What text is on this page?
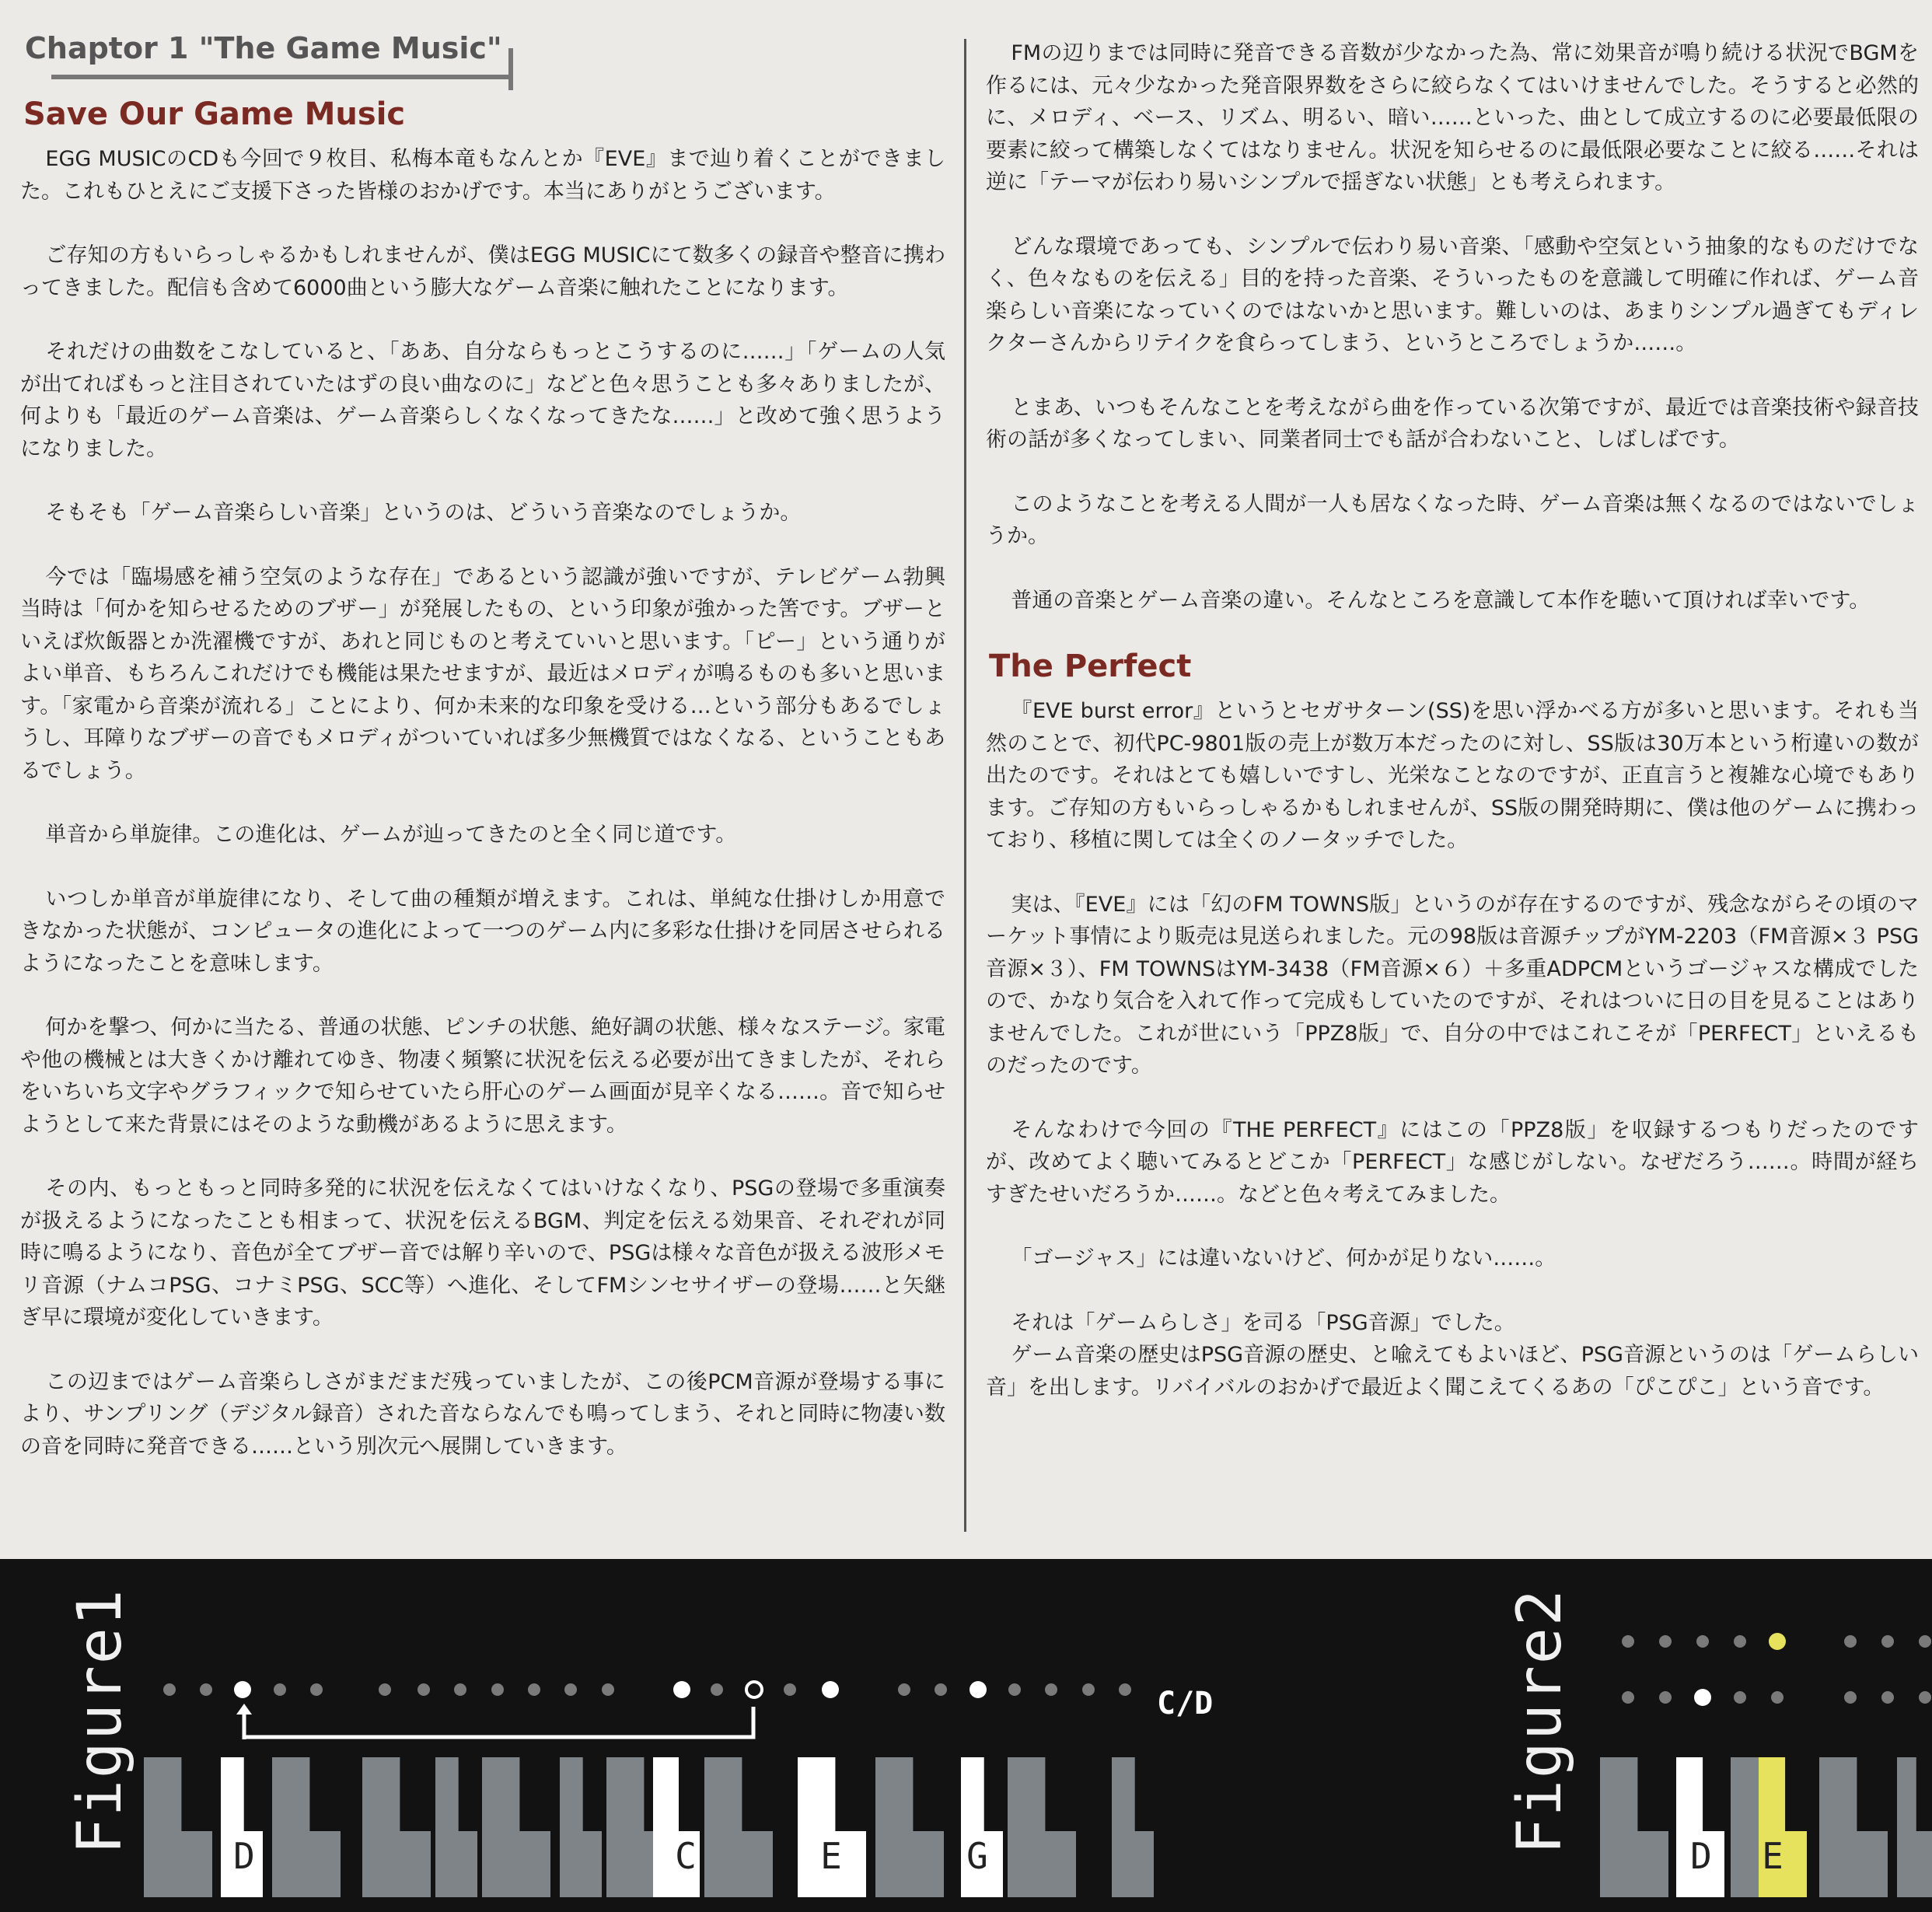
Chaptor 1 "The Game Music"
Save Our Game Music

EGG MUSICのCDも今回で９枚目、私梅本竜もなんとか『EVE』まで辿り着くことができました。これもひとえにご支援下さった皆様のおかげです。本当にありがとうございます。

ご存知の方もいらっしゃるかもしれませんが、僕はEGG MUSICにて数多くの録音や整音に携わってきました。配信も含めて6000曲という膨大なゲーム音楽に触れたことになります。

それだけの曲数をこなしていると、「ああ、自分ならもっとこうするのに……」「ゲームの人気が出てればもっと注目されていたはずの良い曲なのに」などと色々思うことも多々ありましたが、何よりも「最近のゲーム音楽は、ゲーム音楽らしくなくなってきたな……」と改めて強く思うようになりました。

そもそも「ゲーム音楽らしい音楽」というのは、どういう音楽なのでしょうか。

今では「臨場感を補う空気のような存在」であるという認識が強いですが、テレビゲーム勃興当時は「何かを知らせるためのブザー」が発展したもの、という印象が強かった筈です。ブザーといえば炊飯器とか洗濯機ですが、あれと同じものと考えていいと思います。「ピー」という通りがよい単音、もちろんこれだけでも機能は果たせますが、最近はメロディが鳴るものも多いと思います。「家電から音楽が流れる」ことにより、何か未来的な印象を受ける…という部分もあるでしょうし、耳障りなブザーの音でもメロディがついていれば多少無機質ではなくなる、ということもあるでしょう。

単音から単旋律。この進化は、ゲームが辿ってきたのと全く同じ道です。

いつしか単音が単旋律になり、そして曲の種類が増えます。これは、単純な仕掛けしか用意できなかった状態が、コンピュータの進化によって一つのゲーム内に多彩な仕掛けを同居させられるようになったことを意味します。

何かを撃つ、何かに当たる、普通の状態、ピンチの状態、絶好調の状態、様々なステージ。家電や他の機械とは大きくかけ離れてゆき、物凄く頻繁に状況を伝える必要が出てきましたが、それらをいちいち文字やグラフィックで知らせていたら肝心のゲーム画面が見辛くなる……。音で知らせようとして来た背景にはそのような動機があるように思えます。

その内、もっともっと同時多発的に状況を伝えなくてはいけなくなり、PSGの登場で多重演奏が扱えるようになったことも相まって、状況を伝えるBGM、判定を伝える効果音、それぞれが同時に鳴るようになり、音色が全てブザー音では解り辛いので、PSGは様々な音色が扱える波形メモリ音源（ナムコPSG、コナミPSG、SCC等）へ進化、そしてFMシンセサイザーの登場……と矢継ぎ早に環境が変化していきます。

この辺まではゲーム音楽らしさがまだまだ残っていましたが、この後PCM音源が登場する事により、サンプリング（デジタル録音）された音ならなんでも鳴ってしまう、それと同時に物凄い数の音を同時に発音できる……という別次元へ展開していきます。

FMの辺りまでは同時に発音できる音数が少なかった為、常に効果音が鳴り続ける状況でBGMを作るには、元々少なかった発音限界数をさらに絞らなくてはいけませんでした。そうすると必然的に、メロディ、ベース、リズム、明るい、暗い……といった、曲として成立するのに必要最低限の要素に絞って構築しなくてはなりません。状況を知らせるのに最低限必要なことに絞る……それは逆に「テーマが伝わり易いシンプルで揺ぎない状態」とも考えられます。

どんな環境であっても、シンプルで伝わり易い音楽、「感動や空気という抽象的なものだけでなく、色々なものを伝える」目的を持った音楽、そういったものを意識して明確に作れば、ゲーム音楽らしい音楽になっていくのではないかと思います。難しいのは、あまりシンプル過ぎてもディレクターさんからリテイクを食らってしまう、というところでしょうか……。

とまあ、いつもそんなことを考えながら曲を作っている次第ですが、最近では音楽技術や録音技術の話が多くなってしまい、同業者同士でも話が合わないこと、しばしばです。

このようなことを考える人間が一人も居なくなった時、ゲーム音楽は無くなるのではないでしょうか。

普通の音楽とゲーム音楽の違い。そんなところを意識して本作を聴いて頂ければ幸いです。

The Perfect

『EVE burst error』というとセガサターン(SS)を思い浮かべる方が多いと思います。それも当然のことで、初代PC-9801版の売上が数万本だったのに対し、SS版は30万本という桁違いの数が出たのです。それはとても嬉しいですし、光栄なことなのですが、正直言うと複雑な心境でもあります。ご存知の方もいらっしゃるかもしれませんが、SS版の開発時期に、僕は他のゲームに携わっており、移植に関しては全くのノータッチでした。

実は、『EVE』には「幻のFM TOWNS版」というのが存在するのですが、残念ながらその頃のマーケット事情により販売は見送られました。元の98版は音源チップがYM-2203（FM音源×３ PSG音源×３）、FM TOWNSはYM-3438（FM音源×６）＋多重ADPCMというゴージャスな構成でしたので、かなり気合を入れて作って完成もしていたのですが、それはついに日の目を見ることはありませんでした。これが世にいう「PPZ8版」で、自分の中ではこれこそが「PERFECT」といえるものだったのです。

そんなわけで今回の『THE PERFECT』にはこの「PPZ8版」を収録するつもりだったのですが、改めてよく聴いてみるとどこか「PERFECT」な感じがしない。なぜだろう……。時間が経ちすぎたせいだろうか……。などと色々考えてみました。

「ゴージャス」には違いないけど、何かが足りない……。

それは「ゲームらしさ」を司る「PSG音源」でした。

ゲーム音楽の歴史はPSG音源の歴史、と喩えてもよいほど、PSG音源というのは「ゲームらしい音」を出します。リバイバルのおかげで最近よく聞こえてくるあの「ぴこぴこ」という音です。

Figure1	Figure2
C/D
D	C	E	G	D	E
